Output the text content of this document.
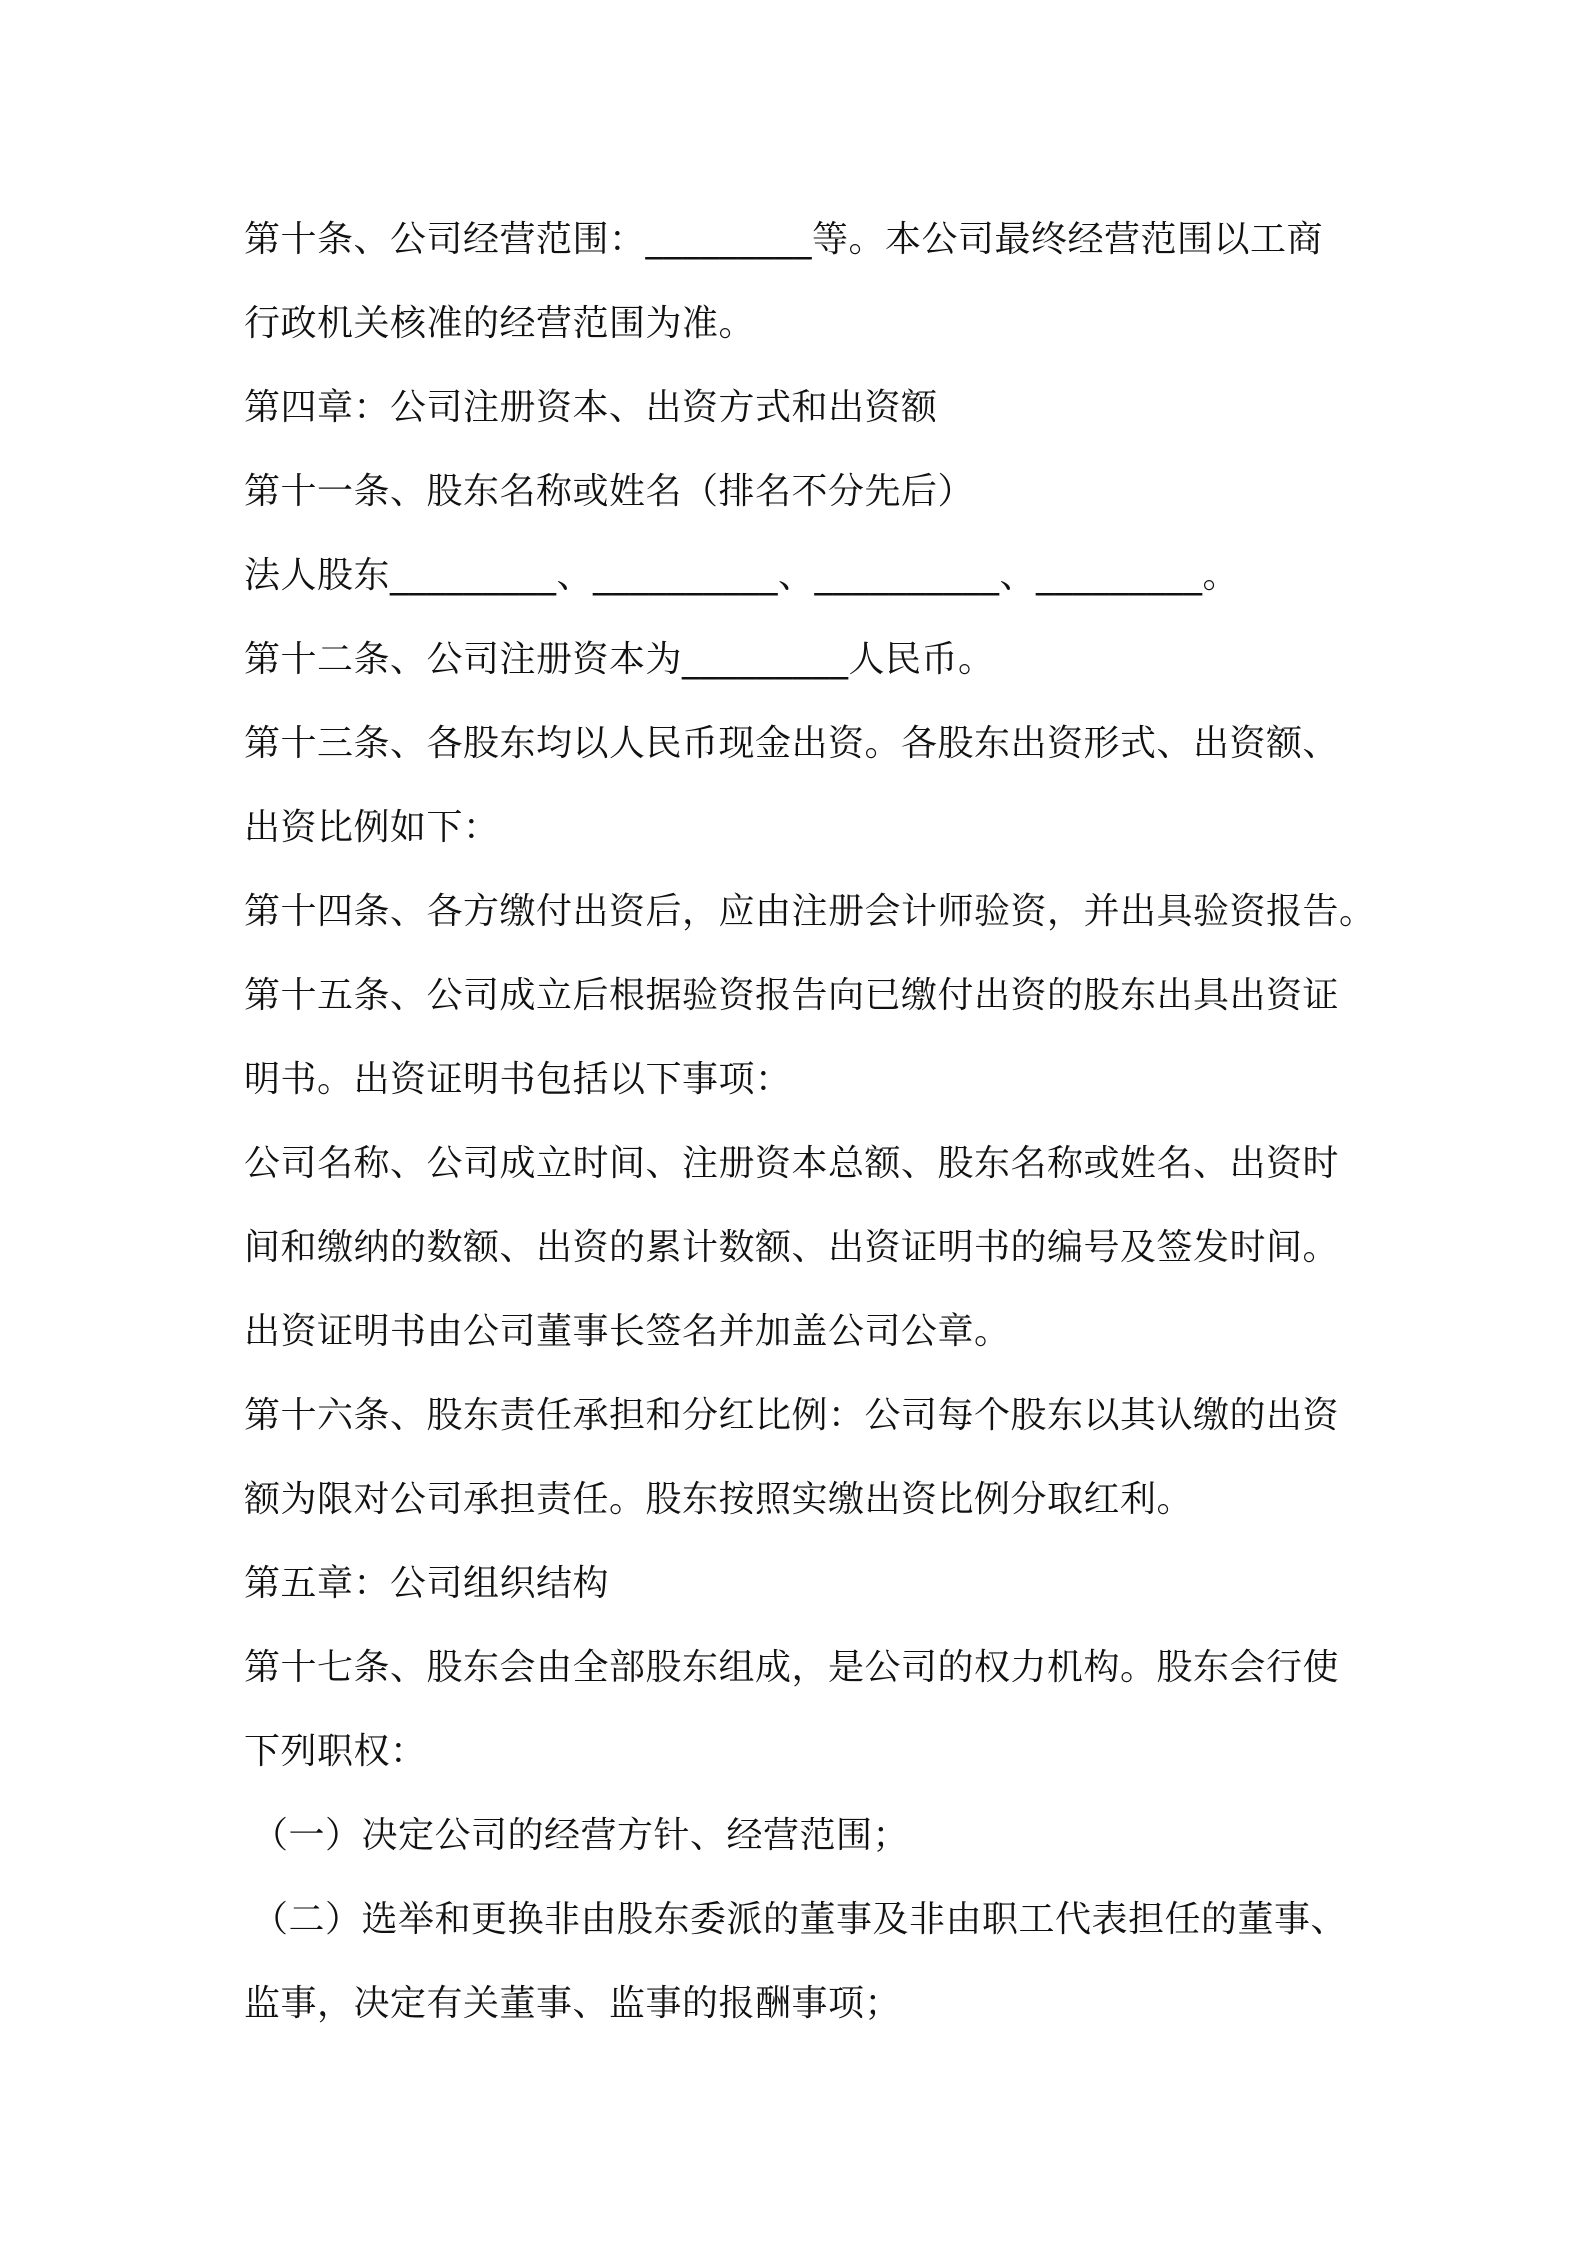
第十条、公司经营范围：_________等。本公司最终经营范围以工商
行政机关核准的经营范围为准。
第四章：公司注册资本、出资方式和出资额
第十一条、股东名称或姓名（排名不分先后）
法人股东_________、__________、__________、_________。
第十二条、公司注册资本为_________人民币。
第十三条、各股东均以人民币现金出资。各股东出资形式、出资额、
出资比例如下：
第十四条、各方缴付出资后，应由注册会计师验资，并出具验资报告。
第十五条、公司成立后根据验资报告向已缴付出资的股东出具出资证
明书。出资证明书包括以下事项：
公司名称、公司成立时间、注册资本总额、股东名称或姓名、出资时
间和缴纳的数额、出资的累计数额、出资证明书的编号及签发时间。
出资证明书由公司董事长签名并加盖公司公章。
第十六条、股东责任承担和分红比例：公司每个股东以其认缴的出资
额为限对公司承担责任。股东按照实缴出资比例分取红利。
第五章：公司组织结构
第十七条、股东会由全部股东组成，是公司的权力机构。股东会行使
下列职权：
（一）决定公司的经营方针、经营范围；
（二）选举和更换非由股东委派的董事及非由职工代表担任的董事、
监事，决定有关董事、监事的报酬事项；
